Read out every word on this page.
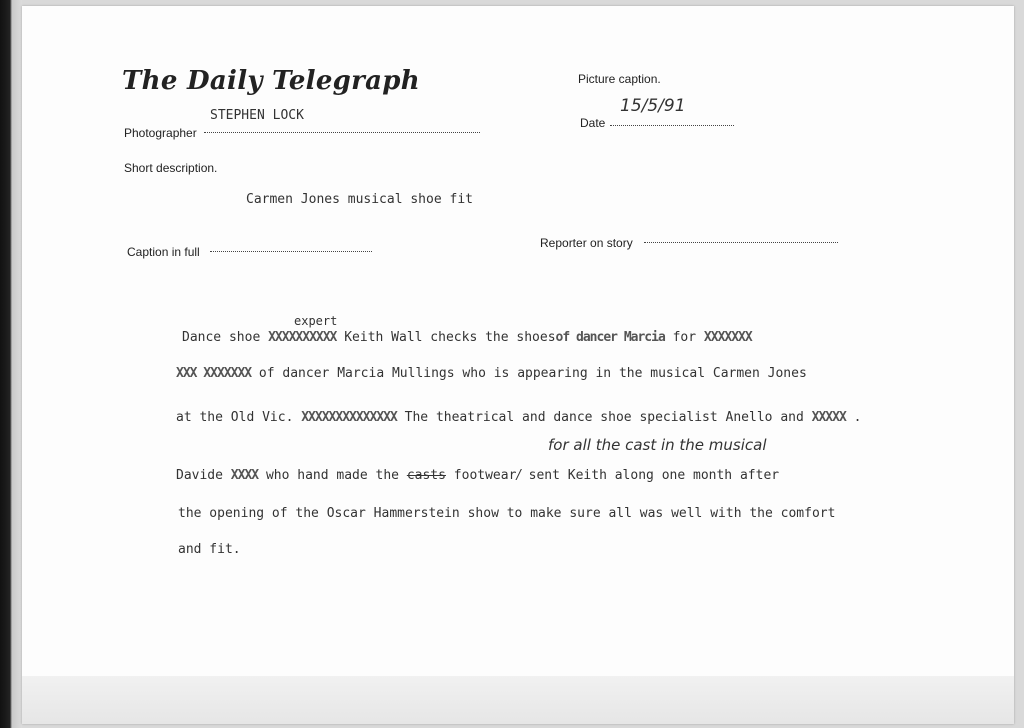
The Daily Telegraph	Picture caption.
STEPHEN LOCK
Photographer
15/5/91
Date
Short description.
Carmen Jones musical shoe fit
Caption in full
Reporter on story
expert
Dance shoe XXXXXXXXXX Keith Wall checks the shoesof dancer Marcia for XXXXXXX
XXX XXXXXXX of dancer Marcia Mullings who is appearing in the musical Carmen Jones
at the Old Vic. XXXXXXXXXXXXXX The theatrical and dance shoe specialist Anello and XXXXX .
for all the cast in the musical
Davide XXXX who hand made the casts footwear/ sent Keith along one month after
the opening of the Oscar Hammerstein show to make sure all was well with the comfort
and fit.
